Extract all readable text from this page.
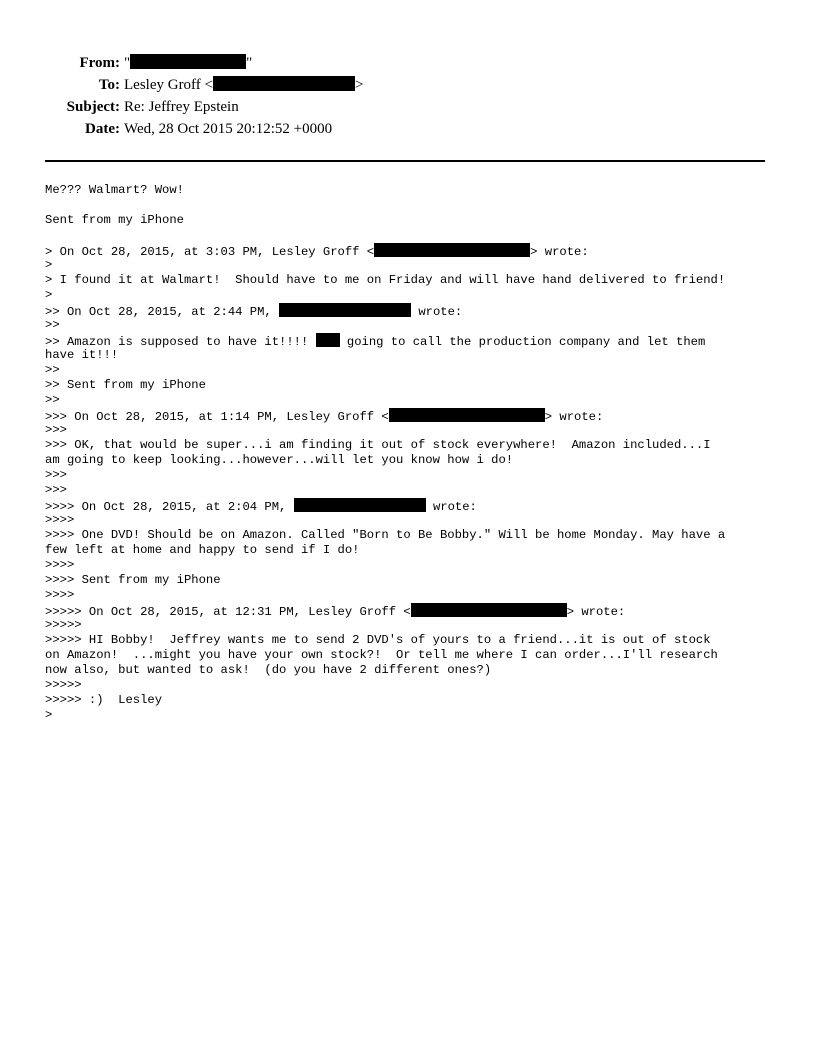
From: "	"
To: Lesley Groff <	>
Subject: Re: Jeffrey Epstein
Date: Wed, 28 Oct 2015 20:12:52 +0000
Me??? Walmart? Wow!
Sent from my iPhone
> On Oct 28, 2015, at 3:03 PM, Lesley Groff <	> wrote:
>
> I found it at Walmart!  Should have to me on Friday and will have hand delivered to friend!
>
>> On Oct 28, 2015, at 2:44 PM,	wrote:
>>
>> Amazon is supposed to have it!!!!  going to call the production company and let them
have it!!!
>>
>> Sent from my iPhone
>>
>>> On Oct 28, 2015, at 1:14 PM, Lesley Groff <	> wrote:
>>>
>>> OK, that would be super...i am finding it out of stock everywhere!  Amazon included...I
am going to keep looking...however...will let you know how i do!
>>>
>>>
>>>> On Oct 28, 2015, at 2:04 PM,	wrote:
>>>>
>>>> One DVD! Should be on Amazon. Called "Born to Be Bobby." Will be home Monday. May have a
few left at home and happy to send if I do!
>>>>
>>>> Sent from my iPhone
>>>>
>>>>> On Oct 28, 2015, at 12:31 PM, Lesley Groff <	> wrote:
>>>>>
>>>>> HI Bobby!  Jeffrey wants me to send 2 DVD's of yours to a friend...it is out of stock
on Amazon!  ...might you have your own stock?!  Or tell me where I can order...I'll research
now also, but wanted to ask!  (do you have 2 different ones?)
>>>>>
>>>>> :)  Lesley
>
